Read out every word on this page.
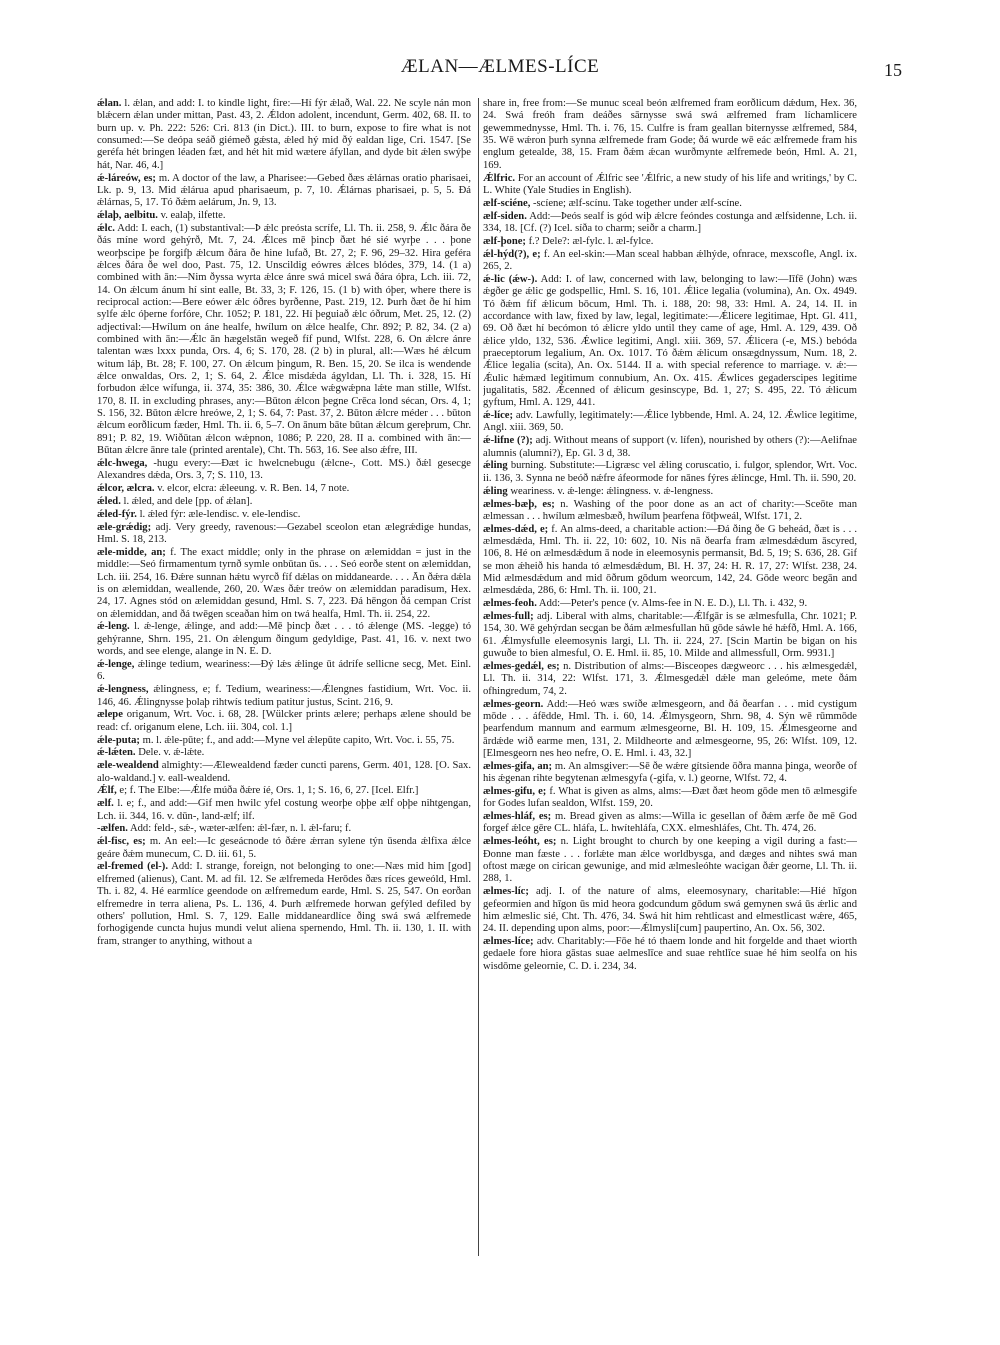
ÆLAN—ÆLMES-LÍCE	15

ǽlan. l. ǽlan, and add: I. to kindle light, fire:—Hí fýr ǽlað, Wal. 22. Ne scyle nán mon blǽcern ǽlan under mittan, Past. 43, 2. Ǽldon adolent, incendunt, Germ. 402, 68. II. to burn up. v. Ph. 222: 526: Cri. 813 (in Dict.). III. to burn, expose to fire what is not consumed:—Se deópa seáð giémeð gǽsta, ǽled hý mid ðý ealdan lige, Cri. 1547. [Se geréfa hét bringen léaden fæt, and hét hit mid wætere áfyllan, and dyde bit ǽlen swýþe hát, Nar. 46, 4.]

ǽ-láreów, es; m. A doctor of the law, a Pharisee:—Gebed ðæs ǽlárnas oratio pharisaei, Lk. p. 9, 13. Mid ǽlárua apud pharisaeum, p. 7, 10. Ǽlárnas pharisaei, p. 5, 5. Ðá ǽlárnas, 5, 17. Tó ðǽm aelárum, Jn. 9, 13.

ǽlaþ, aelbitu. v. ealaþ, ilfette.

ǽlc. Add: I. each, (1) substantival:—Þ ǽlc preósta scrífe, Ll. Th. ii. 258, 9. Ǽlc ðára ðe ðás míne word gehýrð, Mt. 7, 24. Ǽlces mē þincþ ðæt hé sié wyrþe . . . þone weorþscipe þe forgifþ ǽlcum ðára ðe hine lufað, Bt. 27, 2; F. 96, 29–32. Hira geféra ǽlces ðára ðe wel doo, Past. 75, 12. Unscildig eówres ǽlces blódes, 379, 14. (1 a) combined with ān:—Nim ðyssa wyrta ǽlce ánre swá micel swá ðára óþra, Lch. iii. 72, 14. On ǽlcum ánum hí sint ealle, Bt. 33, 3; F. 126, 15. (1 b) with óþer, where there is reciprocal action:—Bere eówer ǽlc óðres byrðenne, Past. 219, 12. Þurh ðæt ðe hí him sylfe ǽlc óþerne forfóre, Chr. 1052; P. 181, 22. Hí þeguiað ǽlc óðrum, Met. 25, 12. (2) adjectival:—Hwílum on áne healfe, hwílum on ǽlce healfe, Chr. 892; P. 82, 34. (2 a) combined with ān:—Ǽlc ān hægelstān wegeð fíf pund, Wlfst. 228, 6. On ǽlcre ánre talentan wæs lxxx punda, Ors. 4, 6; S. 170, 28. (2 b) in plural, all:—Wæs hé ǽlcum witum láþ, Bt. 28; F. 100, 27. On ǽlcum þingum, R. Ben. 15, 20. Se ilca is wendende ǽlce onwaldas, Ors. 2, 1; S. 64, 2. Ǽlce misdǽda ágyldan, Ll. Th. i. 328, 15. Hí forbudon ǽlce wífunga, ii. 374, 35: 386, 30. Ǽlce wǽgwǽpna lǽte man stille, Wlfst. 170, 8. II. in excluding phrases, any:—Būton ǽlcon þegne Crēca lond sécan, Ors. 4, 1; S. 156, 32. Būton ǽlcre hreówe, 2, 1; S. 64, 7: Past. 37, 2. Būton ǽlcre méder . . . būton ǽlcum eorðlicum fæder, Hml. Th. ii. 6, 5–7. On ānum bāte būtan ǽlcum gereþrum, Chr. 891; P. 82, 19. Wiðūtan ǽlcon wǽpnon, 1086; P. 220, 28. II a. combined with ān:—Būtan ǽlcre ānre tale (printed arentale), Cht. Th. 563, 16. See also ǽfre, III.

ǽlc-hwega, -hugu every:—Ðæt ic hwelcnebugu (ǽlcne-, Cott. MS.) ðǽl gesecge Alexandres dǽda, Ors. 3, 7; S. 110, 13.

ǽlcor, ælcra. v. elcor, elcra: ǽleeung. v. R. Ben. 14, 7 note.

ǽled. l. ǽled, and dele [pp. of ǽlan].

ǽled-fýr. l. ǽled fýr: æle-lendisc. v. ele-lendisc.

æle-grǽdig; adj. Very greedy, ravenous:—Gezabel sceolon etan ælegrǽdige hundas, Hml. S. 18, 213.

æle-midde, an; f. The exact middle; only in the phrase on ælemiddan = just in the middle:—Seó firmamentum tyrnð symle onbūtan ūs. . . . Seó eorðe stent on ælemiddan, Lch. iii. 254, 16. Ðǽre sunnan hǽtu wyrcð fíf dǽlas on middaneardе. . . . Ān ðǽra dǽla is on ælemiddan, weallende, 260, 20. Wæs ðǽr treów on ælemiddan paradisum, Hex. 24, 17. Agnes stód on ælemiddan gesund, Hml. S. 7, 223. Ðá hēngon ðá cempan Críst on ǽlemiddan, and ðá twēgen sceaðan him on twá healfa, Hml. Th. ii. 254, 22.

ǽ-leng. l. ǽ-lenge, ǽlinge, and add:—Mē þincþ ðæt . . . tó ǽlenge (MS. -legge) tó gehýranne, Shrn. 195, 21. On ǽlengum ðingum gedyldige, Past. 41, 16. v. next two words, and see elenge, alange in N. E. D.

ǽ-lenge, ǽlinge tedium, weariness:—Ðý lǽs ǽlinge ūt ádrífe sellicne secg, Met. Einl. 6.

ǽ-lengness, ǽlingness, e; f. Tedium, weariness:—Ǽlengnes fastidium, Wrt. Voc. ii. 146, 46. Ǽlingnysse þolaþ rihtwís tedium patitur justus, Scint. 216, 9.

ælepe origanum, Wrt. Voc. i. 68, 28. [Wülcker prints ælere; perhaps ælene should be read: cf. origanum elene, Lch. iii. 304, col. 1.]

ǽle-puta; m. l. ǽle-pūte; f., and add:—Myne vel ǽlepūte capito, Wrt. Voc. i. 55, 75.

ǽ-lǽten. Dele. v. ǽ-lǽte.

æle-wealdend almighty:—Ælewealdend fæder cuncti parens, Germ. 401, 128. [O. Sax. alo-waldand.] v. eall-wealdend.

Ǽlf, e; f. The Elbe:—Ǽlfe múða ðǽre íé, Ors. 1, 1; S. 16, 6, 27. [Icel. Elfr.]

ælf. l. e; f., and add:—Gif men hwilc yfel costung weorþe oþþe ælf oþþe nihtgengan, Lch. ii. 344, 16. v. dūn-, land-ælf; ilf.

-ælfen. Add: feld-, sǽ-, wæter-ælfen: ǽl-fær, n. l. ǽl-faru; f.

ǽl-fisc, es; m. An eel:—Ic geseácnode tó ðǽre ǽrran sylene týn ūsenda ǽlfixa ǽlce geáre ðǽm munecum, C. D. iii. 61, 5.

æl-fremed (el-). Add: I. strange, foreign, not belonging to one:—Næs mid him [god] elfremed (alienus), Cant. M. ad fil. 12. Se ælfremeda Herōdes ðæs ríces geweóld, Hml. Th. i. 82, 4. Hé earmlíce geendode on ælfremedum earde, Hml. S. 25, 547. On eorðan elfremedre in terra aliena, Ps. L. 136, 4. Þurh ælfremede horwan gefýled defiled by others' pollution, Hml. S. 7, 129. Ealle middaneardlíce ðing swá swá ælfremede forhogigende cuncta hujus mundi velut aliena spernendo, Hml. Th. ii. 130, 1. II. with fram, stranger to anything, without a

share in, free from:—Se munuc sceal beón ælfremed fram eorðlicum dǽdum, Hex. 36, 24. Swá freóh fram deáðes sārnysse swá swá ælfremed fram líchamlicere gewemmednysse, Hml. Th. i. 76, 15. Culfre is fram geallan biternysse ælfremed, 584, 35. Wē wǽron þurh synna ælfremede fram Gode; ðá wurde wē eác ælfremede fram his englum getealde, 38, 15. Fram ðǽm ǽcan wurðmynte ælfremede beón, Hml. A. 21, 169.

Ǽlfric. For an account of Ǽlfric see 'Ǽlfric, a new study of his life and writings,' by C. L. White (Yale Studies in English).

ælf-sciéne, -scíene; ælf-scínu. Take together under ælf-scíne.

ælf-siden. Add:—Þeós sealf is gód wiþ ǽlcre feóndes costunga and ælfsidenne, Lch. ii. 334, 18. [Cf. (?) Icel. síða to charm; seiðr a charm.]

ælf-þone; f.? Dele?: æl-fylc. l. æl-fylce.

ǽl-hýd(?), e; f. An eel-skin:—Man sceal habban ǽlhýde, ofnrace, mexscofle, Angl. ix. 265, 2.

ǽ-lic (ǽw-). Add: I. of law, concerned with law, belonging to law:—Iīfē (John) wæs ǽgðer ge ǽlic ge godspellic, Hml. S. 16, 101. Ǽlice legalia (volumina), An. Ox. 4949. Tó ðǽm fíf ǽlicum bōcum, Hml. Th. i. 188, 20: 98, 33: Hml. A. 24, 14. II. in accordance with law, fixed by law, legal, legitimate:—Ǽlicere legitimae, Hpt. Gl. 411, 69. Oð ðæt hí becómon tó ǽlicre yldo until they came of age, Hml. A. 129, 439. Oð ǽlice yldo, 132, 536. Ǽwlice legitimi, Angl. xiii. 369, 57. Ǽlicera (-e, MS.) bebóda praeceptorum legalium, An. Ox. 1017. Tó ðǽm ǽlicum onsægdnyssum, Num. 18, 2. Ǽlice legalia (scita), An. Ox. 5144. II a. with special reference to marriage. v. ǽ:—Ǽulic hǽmæd legitimum connubium, An. Ox. 415. Ǽwlices gegaderscipes legitime jugalitatis, 582. Ǽcenned of ǽlicum gesinscype, Bd. 1, 27; S. 495, 22. Tó ǽlicum gyftum, Hml. A. 129, 441.

ǽ-líce; adv. Lawfully, legitimately:—Ǽlice lybbende, Hml. A. 24, 12. Ǽwlice legitime, Angl. xiii. 369, 50.

ǽ-lifne (?); adj. Without means of support (v. lífen), nourished by others (?):—Aelifnae alumnis (alumni?), Ep. Gl. 3 d, 38.

ǽling burning. Substitute:—Ligræsc vel ǽling coruscatio, i. fulgor, splendor, Wrt. Voc. ii. 136, 3. Synna ne beóð nǽfre áfeormode for nānes fýres ǽlincge, Hml. Th. ii. 590, 20.

ǽling weariness. v. ǽ-lenge: ǽlingness. v. ǽ-lengness.

ælmes-bæþ, es; n. Washing of the poor done as an act of charity:—Sceōte man ælmessan . . . hwílum ælmesbæð, hwílum þearfena fōtþweál, Wlfst. 171, 2.

ælmes-dǽd, e; f. An alms-deed, a charitable action:—Ðá ðing ðe G beheád, ðæt is . . . ælmesdǽda, Hml. Th. ii. 22, 10: 602, 10. Nis nā ðearfa fram ælmesdǽdum āscyred, 106, 8. Hé on ælmesdǽdum ā node in eleemosynis permansit, Bd. 5, 19; S. 636, 28. Gif se mon ǽheið his handa tó ælmesdǽdum, Bl. H. 37, 24: H. R. 17, 27: Wlfst. 238, 24. Mid ælmesdǽdum and mid ōðrum gōdum weorcum, 142, 24. Gōde weorc begān and ælmesdǽda, 286, 6: Hml. Th. ii. 100, 21.

ælmes-feoh. Add:—Peter's pence (v. Alms-fee in N. E. D.), Ll. Th. i. 432, 9.

ælmes-full; adj. Liberal with alms, charitable:—Ǽlfgār is se ælmesfulla, Chr. 1021; P. 154, 30. Wē gehýrdan secgan be ðám ælmesfullan hū gōde sáwle hé hǽfð, Hml. A. 166, 61. Ǽlmysfulle eleemosynis largi, Ll. Th. ii. 224, 27. [Scin Martin be bigan on his guwuðe to bien almesful, O. E. Hml. ii. 85, 10. Milde and allmessfull, Orm. 9931.]

ælmes-gedǽl, es; n. Distribution of alms:—Bisceopes dægweorc . . . his ælmesgedǽl, Ll. Th. ii. 314, 22: Wlfst. 171, 3. Ǽlmesgedǽl dǽle man geleóme, mete ðám ofhingredum, 74, 2.

ælmes-georn. Add:—Heó wæs swíðe ælmesgeorn, and ðá ðearfan . . . mid cystigum mōde . . . áfēdde, Hml. Th. i. 60, 14. Ǽlmysgeorn, Shrn. 98, 4. Sýn wē rūmmōde þearfendum mannum and earmum ælmesgeorne, Bl. H. 109, 15. Ǽlmesgeorne and ārdǽde wið earme men, 131, 2. Mildheorte and ælmesgeorne, 95, 26: Wlfst. 109, 12. [Elmesgeorn nes heo nefre, O. E. Hml. i. 43, 32.]

ælmes-gifa, an; m. An almsgiver:—Sē ðe wǽre gítsiende ōðra manna þinga, weorðe of his ǽgenan rihte begytenan ælmesgyfa (-gifa, v. l.) georne, Wlfst. 72, 4.

ælmes-gifu, e; f. What is given as alms, alms:—Ðæt ðæt heom gōde men tō ælmesgife for Godes lufan sealdon, Wlfst. 159, 20.

ælmes-hláf, es; m. Bread given as alms:—Willa ic gesellan of ðǽm ærfe ðe mē God forgef ǽlce gēre CL. hláfa, L. hwítehláfa, CXX. elmeshláfes, Cht. Th. 474, 26.

ælmes-leóht, es; n. Light brought to church by one keeping a vigil during a fast:—Ðonne man fæste . . . forlǽte man ǽlce worldbysga, and dæges and nihtes swá man oftost mæge on cirican gewunige, and mid ælmesleóhte wacigan ðǽr georne, Ll. Th. ii. 288, 1.

ælmes-líc; adj. I. of the nature of alms, eleemosynary, charitable:—Hié hīgon gefeormien and hīgon ūs mid heora godcundum gōdum swá gemynen swá ūs ǽrlic and him ælmeslic sié, Cht. Th. 476, 34. Swá hit him rehtlicast and elmestlicast wǽre, 465, 24. II. depending upon alms, poor:—Ǽlmysli[cum] paupertino, An. Ox. 56, 302.

ælmes-líce; adv. Charitably:—Fōe hé tó thaem londe and hit forgelde and thaet wiorth gedaele fore hiora gāstas suae aelmeslīce and suae rehtlīce suae hé him seolfa on his wisdōme geleornie, C. D. i. 234, 34.
